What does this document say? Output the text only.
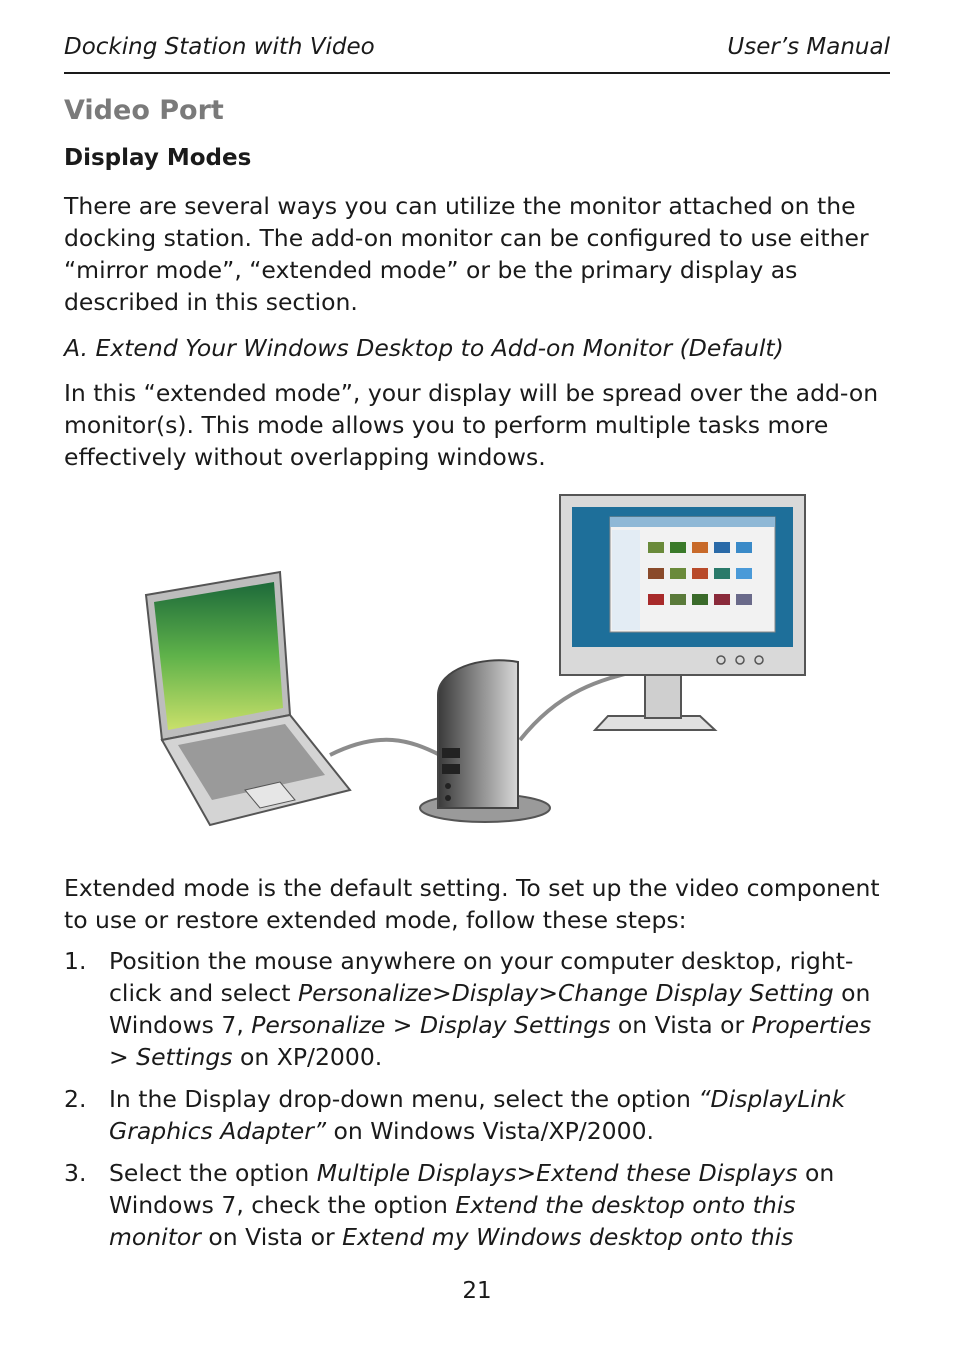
Docking Station with Video	User’s Manual
Video Port
Display Modes

There are several ways you can utilize the monitor attached on the docking station. The add-on monitor can be configured to use either “mirror mode”, “extended mode” or be the primary display as described in this section.

A. Extend Your Windows Desktop to Add-on Monitor (Default)

In this “extended mode”, your display will be spread over the add-on monitor(s). This mode allows you to perform multiple tasks more effectively without overlapping windows.

Extended mode is the default setting. To set up the video component to use or restore extended mode, follow these steps:

1. Position the mouse anywhere on your computer desktop, right-click and select Personalize>Display>Change Display Setting on Windows 7, Personalize > Display Settings on Vista or Properties > Settings on XP/2000.
2. In the Display drop-down menu, select the option “DisplayLink Graphics Adapter” on Windows Vista/XP/2000.
3. Select the option Multiple Displays>Extend these Displays on Windows 7, check the option Extend the desktop onto this monitor on Vista or Extend my Windows desktop onto this
21
